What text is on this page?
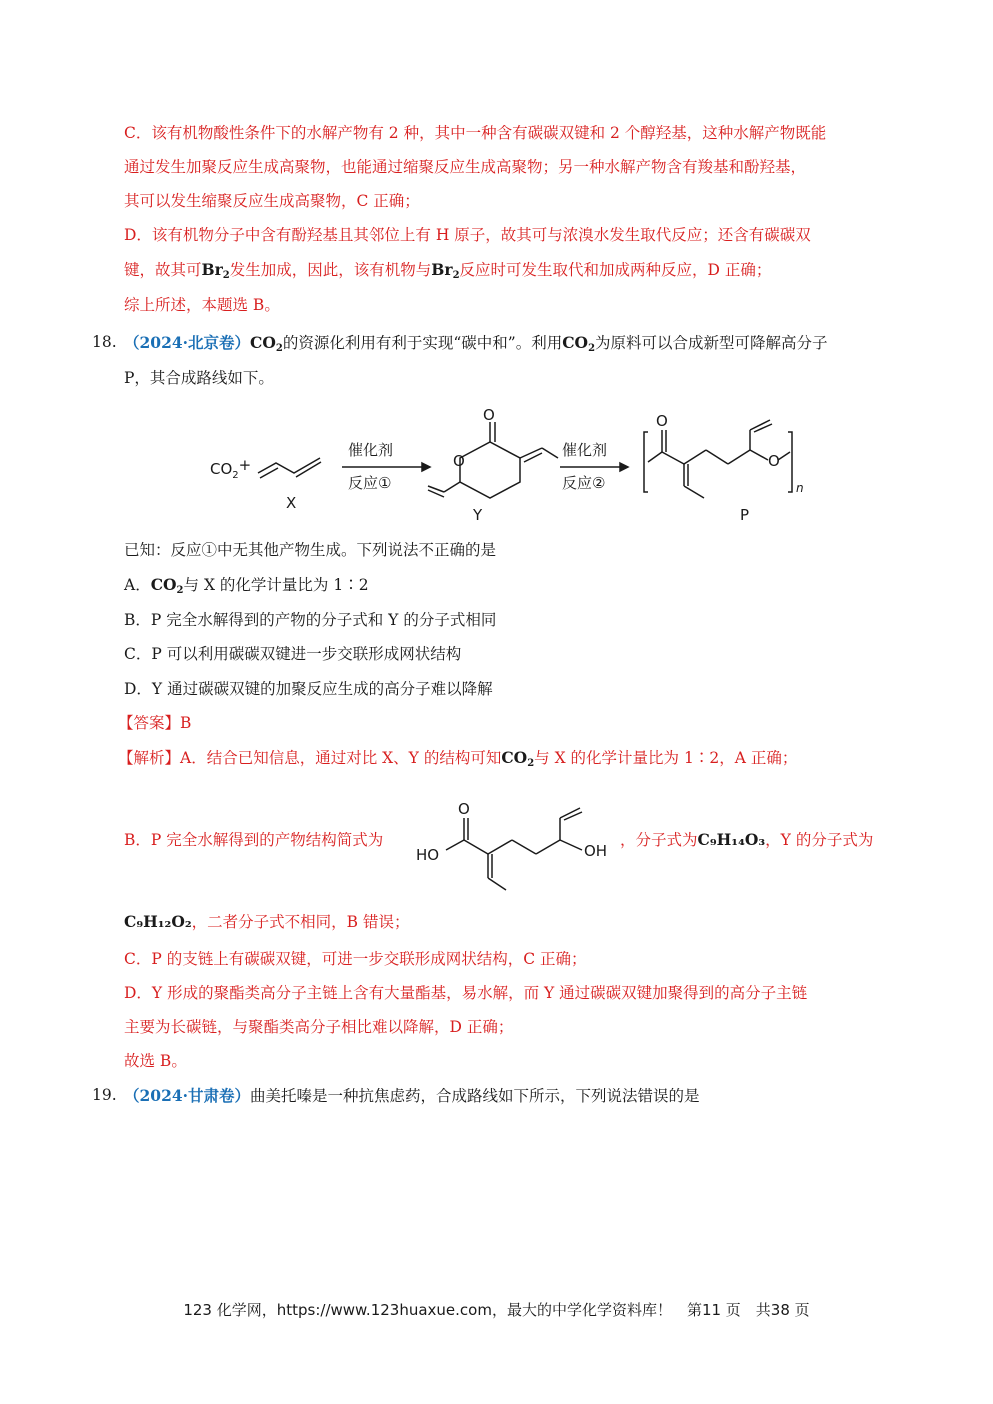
C．该有机物酸性条件下的水解产物有 2 种，其中一种含有碳碳双键和 2 个醇羟基，这种水解产物既能
通过发生加聚反应生成高聚物，也能通过缩聚反应生成高聚物；另一种水解产物含有羧基和酚羟基，
其可以发生缩聚反应生成高聚物，C 正确；
D．该有机物分子中含有酚羟基且其邻位上有 H 原子，故其可与浓溴水发生取代反应；还含有碳碳双
键，故其可$Br_2$发生加成，因此，该有机物与$Br_2$反应时可发生取代和加成两种反应，D 正确；
综上所述，本题选 B。
18. （2024·北京卷）$CO_2$的资源化利用有利于实现“碳中和”。利用$CO_2$为原料可以合成新型可降解高分子
P，其合成路线如下。
$CO_2+$
X
催化剂
反应①
O
O
Y
催化剂
反应②
O
O
n
P
已知：反应①中无其他产物生成。下列说法不正确的是
A．$CO_2$与 X 的化学计量比为 1∶2
B．P 完全水解得到的产物的分子式和 Y 的分子式相同
C．P 可以利用碳碳双键进一步交联形成网状结构
D．Y 通过碳碳双键的加聚反应生成的高分子难以降解
【答案】B
【解析】A．结合已知信息，通过对比 X、Y 的结构可知$CO_2$与 X 的化学计量比为 1∶2，A 正确；
B．P 完全水解得到的产物结构简式为
O
HO	OH
，分子式为C₉H₁₄O₃，Y 的分子式为
C₉H₁₂O₂，二者分子式不相同，B 错误；
C．P 的支链上有碳碳双键，可进一步交联形成网状结构，C 正确；
D．Y 形成的聚酯类高分子主链上含有大量酯基，易水解，而 Y 通过碳碳双键加聚得到的高分子主链
主要为长碳链，与聚酯类高分子相比难以降解，D 正确；
故选 B。
19. （2024·甘肃卷）曲美托嗪是一种抗焦虑药，合成路线如下所示，下列说法错误的是
123 化学网，https://www.123huaxue.com，最大的中学化学资料库！　第11 页　共38 页
